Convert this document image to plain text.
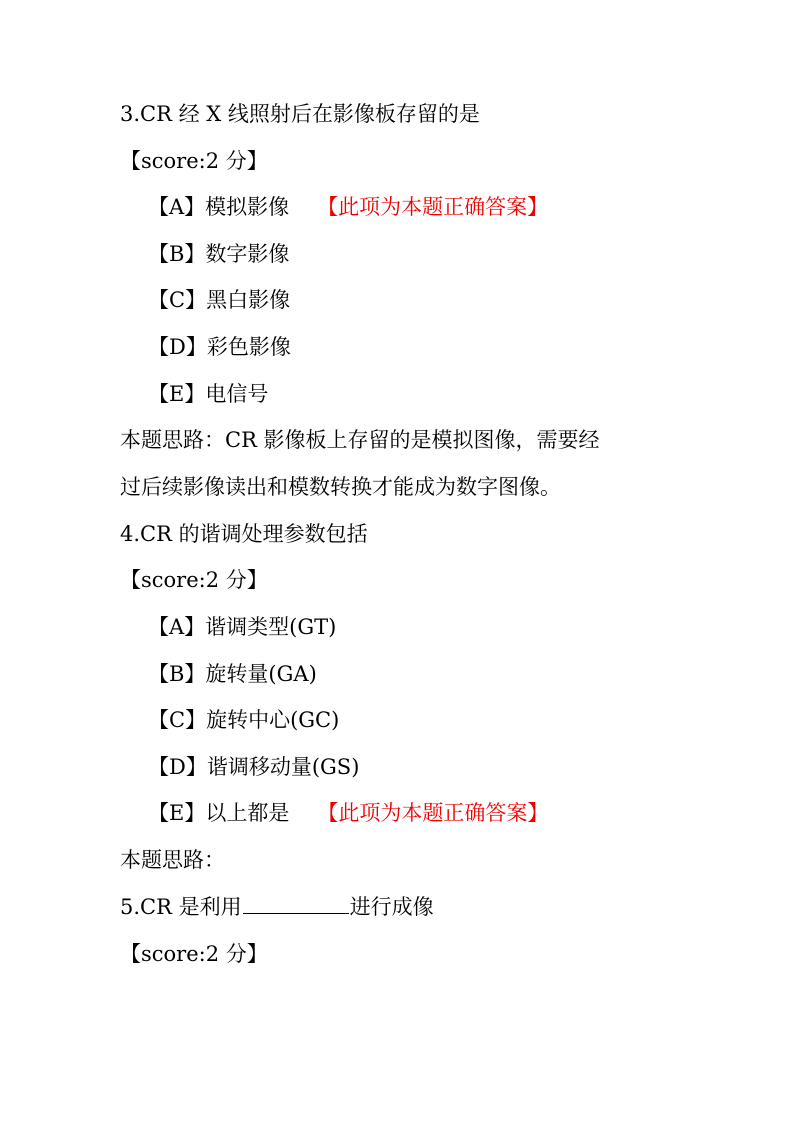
3.CR 经 X 线照射后在影像板存留的是
【score:2 分】
【A】模拟影像 【此项为本题正确答案】
【B】数字影像
【C】黑白影像
【D】彩色影像
【E】电信号
本题思路：CR 影像板上存留的是模拟图像，需要经
过后续影像读出和模数转换才能成为数字图像。
4.CR 的谐调处理参数包括
【score:2 分】
【A】谐调类型(GT)
【B】旋转量(GA)
【C】旋转中心(GC)
【D】谐调移动量(GS)
【E】以上都是 【此项为本题正确答案】
本题思路：
5.CR 是利用	进行成像
【score:2 分】
